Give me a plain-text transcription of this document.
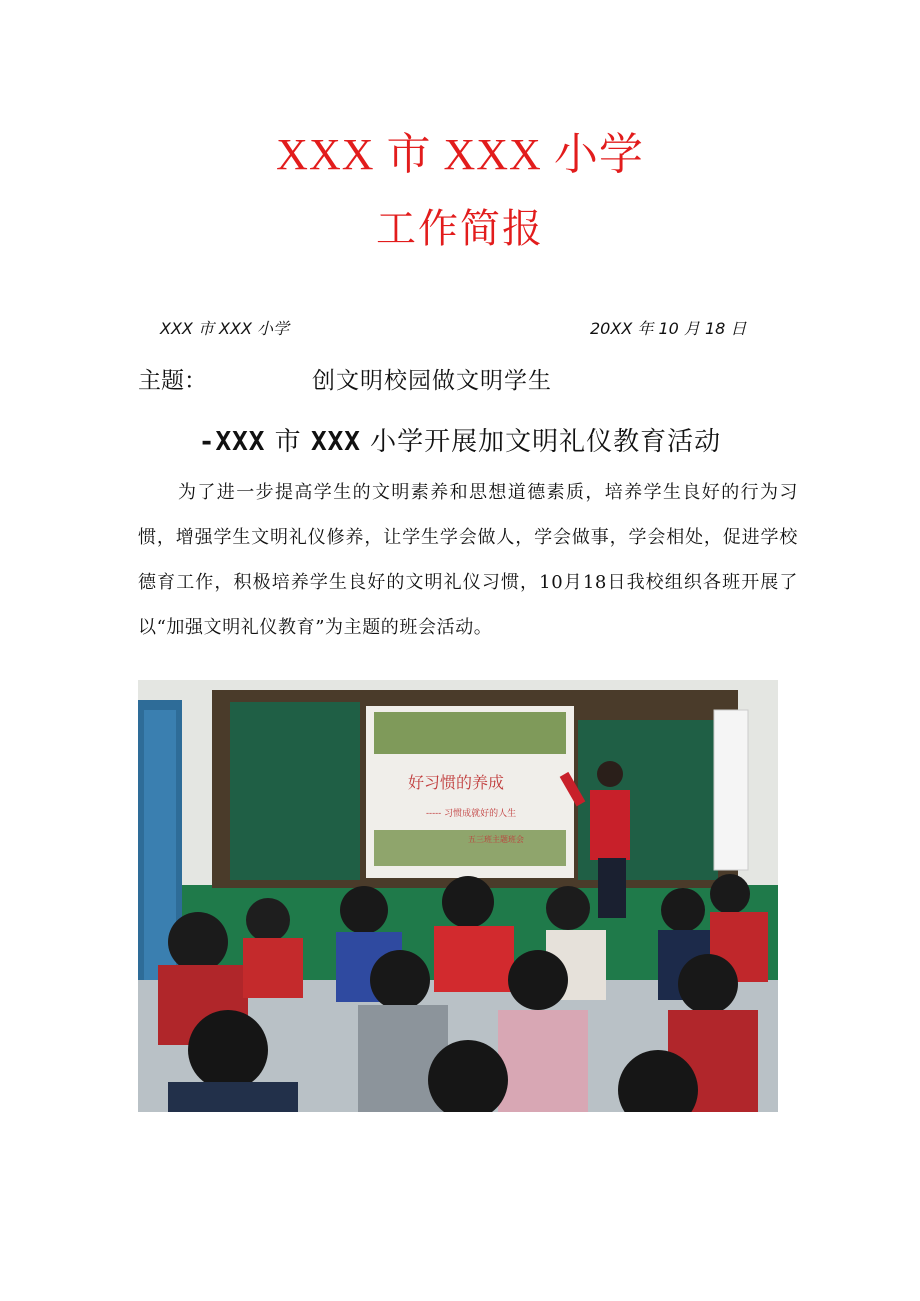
XXX 市 XXX 小学
工作简报
XXX 市 XXX 小学	20XX 年 10 月 18 日
主题：	创文明校园做文明学生
-XXX 市 XXX 小学开展加文明礼仪教育活动
为了进一步提高学生的文明素养和思想道德素质，培养学生良好的行为习惯，增强学生文明礼仪修养，让学生学会做人，学会做事，学会相处，促进学校德育工作，积极培养学生良好的文明礼仪习惯，10月18日我校组织各班开展了以“加强文明礼仪教育”为主题的班会活动。
好习惯的养成
----- 习惯成就好的人生
五三班主题班会
